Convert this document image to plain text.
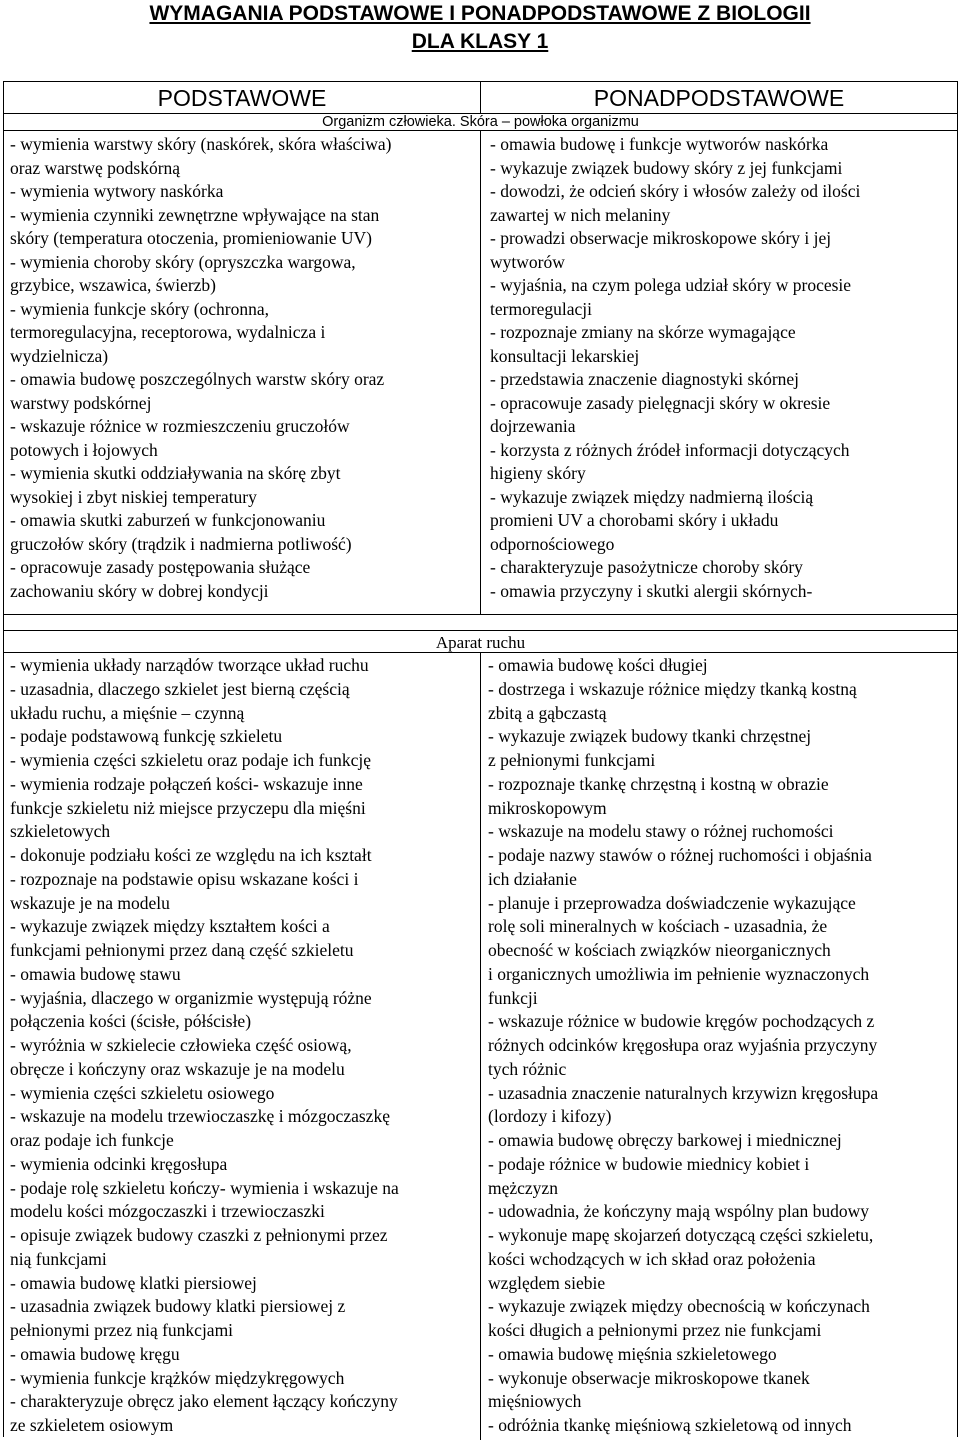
WYMAGANIA PODSTAWOWE I PONADPODSTAWOWE Z BIOLOGII
DLA KLASY 1
PODSTAWOWE	PONADPODSTAWOWE
Organizm człowieka. Skóra – powłoka organizmu
- wymienia warstwy skóry (naskórek, skóra właściwa)
oraz warstwę podskórną
- wymienia wytwory naskórka
- wymienia czynniki zewnętrzne wpływające na stan
skóry (temperatura otoczenia, promieniowanie UV)
- wymienia choroby skóry (opryszczka wargowa,
grzybice, wszawica, świerzb)
- wymienia funkcje skóry (ochronna,
termoregulacyjna, receptorowa, wydalnicza i
wydzielnicza)
- omawia budowę poszczególnych warstw skóry oraz
warstwy podskórnej
- wskazuje różnice w rozmieszczeniu gruczołów
potowych i łojowych
- wymienia skutki oddziaływania na skórę zbyt
wysokiej i zbyt niskiej temperatury
- omawia skutki zaburzeń w funkcjonowaniu
gruczołów skóry (trądzik i nadmierna potliwość)
- opracowuje zasady postępowania służące
zachowaniu skóry w dobrej kondycji
- omawia budowę i funkcje wytworów naskórka
- wykazuje związek budowy skóry z jej funkcjami
- dowodzi, że odcień skóry i włosów zależy od ilości
zawartej w nich melaniny
- prowadzi obserwacje mikroskopowe skóry i jej
wytworów
- wyjaśnia, na czym polega udział skóry w procesie
termoregulacji
- rozpoznaje zmiany na skórze wymagające
konsultacji lekarskiej
- przedstawia znaczenie diagnostyki skórnej
- opracowuje zasady pielęgnacji skóry w okresie
dojrzewania
- korzysta z różnych źródeł informacji dotyczących
higieny skóry
- wykazuje związek między nadmierną ilością
promieni UV a chorobami skóry i układu
odpornościowego
- charakteryzuje pasożytnicze choroby skóry
- omawia przyczyny i skutki alergii skórnych-
Aparat ruchu
- wymienia układy narządów tworzące układ ruchu
- uzasadnia, dlaczego szkielet jest bierną częścią
układu ruchu, a mięśnie – czynną
- podaje podstawową funkcję szkieletu
- wymienia części szkieletu oraz podaje ich funkcję
- wymienia rodzaje połączeń kości- wskazuje inne
funkcje szkieletu niż miejsce przyczepu dla mięśni
szkieletowych
- dokonuje podziału kości ze względu na ich kształt
- rozpoznaje na podstawie opisu wskazane kości i
wskazuje je na modelu
- wykazuje związek między kształtem kości a
funkcjami pełnionymi przez daną część szkieletu
- omawia budowę stawu
- wyjaśnia, dlaczego w organizmie występują różne
połączenia kości (ścisłe, półścisłe)
- wyróżnia w szkielecie człowieka część osiową,
obręcze i kończyny oraz wskazuje je na modelu
- wymienia części szkieletu osiowego
- wskazuje na modelu trzewioczaszkę i mózgoczaszkę
oraz podaje ich funkcje
- wymienia odcinki kręgosłupa
- podaje rolę szkieletu kończy- wymienia i wskazuje na
modelu kości mózgoczaszki i trzewioczaszki
- opisuje związek budowy czaszki z pełnionymi przez
nią funkcjami
- omawia budowę klatki piersiowej
- uzasadnia związek budowy klatki piersiowej z
pełnionymi przez nią funkcjami
- omawia budowę kręgu
- wymienia funkcje krążków międzykręgowych
- charakteryzuje obręcz jako element łączący kończyny
ze szkieletem osiowym
- omawia budowę kości długiej
- dostrzega i wskazuje różnice między tkanką kostną
zbitą a gąbczastą
- wykazuje związek budowy tkanki chrzęstnej
z pełnionymi funkcjami
- rozpoznaje tkankę chrzęstną i kostną w obrazie
mikroskopowym
- wskazuje na modelu stawy o różnej ruchomości
- podaje nazwy stawów o różnej ruchomości i objaśnia
ich działanie
- planuje i przeprowadza doświadczenie wykazujące
rolę soli mineralnych w kościach - uzasadnia, że
obecność w kościach związków nieorganicznych
i organicznych umożliwia im pełnienie wyznaczonych
funkcji
- wskazuje różnice w budowie kręgów pochodzących z
różnych odcinków kręgosłupa oraz wyjaśnia przyczyny
tych różnic
- uzasadnia znaczenie naturalnych krzywizn kręgosłupa
(lordozy i kifozy)
- omawia budowę obręczy barkowej i miednicznej
- podaje różnice w budowie miednicy kobiet i
mężczyzn
- udowadnia, że kończyny mają wspólny plan budowy
- wykonuje mapę skojarzeń dotyczącą części szkieletu,
kości wchodzących w ich skład oraz położenia
względem siebie
- wykazuje związek między obecnością w kończynach
kości długich a pełnionymi przez nie funkcjami
- omawia budowę mięśnia szkieletowego
- wykonuje obserwacje mikroskopowe tkanek
mięśniowych
- odróżnia tkankę mięśniową szkieletową od innych
